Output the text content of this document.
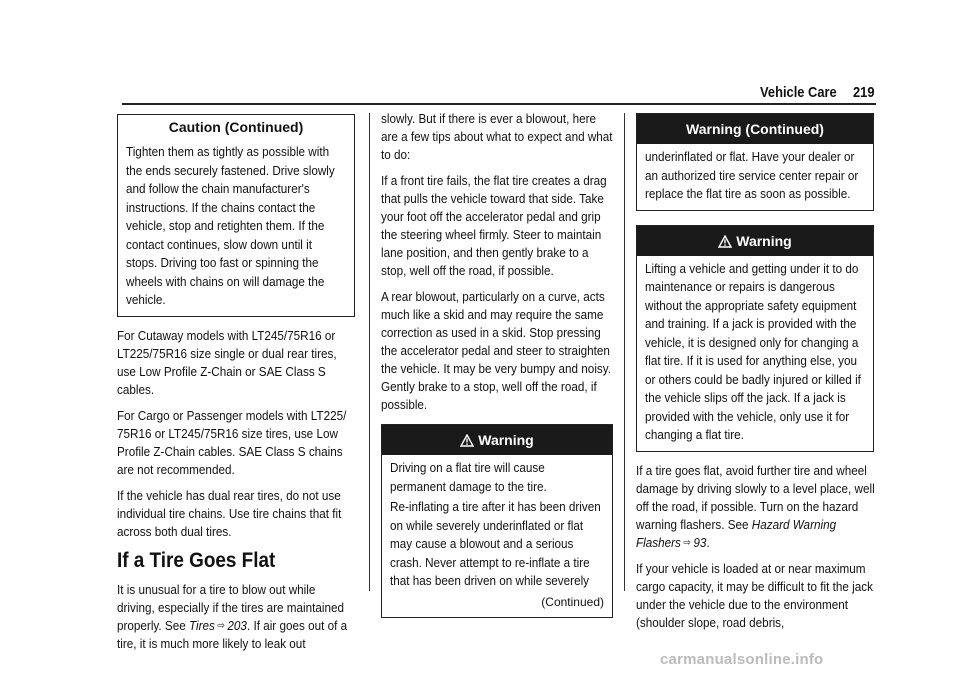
Vehicle Care 219
Caution (Continued)
Tighten them as tightly as possible with the ends securely fastened. Drive slowly and follow the chain manufacturer's instructions. If the chains contact the vehicle, stop and retighten them. If the contact continues, slow down until it stops. Driving too fast or spinning the wheels with chains on will damage the vehicle.

For Cutaway models with LT245/75R16 or LT225/75R16 size single or dual rear tires, use Low Profile Z-Chain or SAE Class S cables.

For Cargo or Passenger models with LT225/ 75R16 or LT245/75R16 size tires, use Low Profile Z-Chain cables. SAE Class S chains are not recommended.

If the vehicle has dual rear tires, do not use individual tire chains. Use tire chains that fit across both dual tires.

If a Tire Goes Flat

It is unusual for a tire to blow out while driving, especially if the tires are maintained properly. See Tires ⇨ 203. If air goes out of a tire, it is much more likely to leak out

slowly. But if there is ever a blowout, here are a few tips about what to expect and what to do:

If a front tire fails, the flat tire creates a drag that pulls the vehicle toward that side. Take your foot off the accelerator pedal and grip the steering wheel firmly. Steer to maintain lane position, and then gently brake to a stop, well off the road, if possible.

A rear blowout, particularly on a curve, acts much like a skid and may require the same correction as used in a skid. Stop pressing the accelerator pedal and steer to straighten the vehicle. It may be very bumpy and noisy. Gently brake to a stop, well off the road, if possible.

Warning

Driving on a flat tire will cause permanent damage to the tire.

Re-inflating a tire after it has been driven on while severely underinflated or flat may cause a blowout and a serious crash. Never attempt to re-inflate a tire that has been driven on while severely

(Continued)
Warning (Continued)
underinflated or flat. Have your dealer or an authorized tire service center repair or replace the flat tire as soon as possible.
Warning
Lifting a vehicle and getting under it to do maintenance or repairs is dangerous without the appropriate safety equipment and training. If a jack is provided with the vehicle, it is designed only for changing a flat tire. If it is used for anything else, you or others could be badly injured or killed if the vehicle slips off the jack. If a jack is provided with the vehicle, only use it for changing a flat tire.

If a tire goes flat, avoid further tire and wheel damage by driving slowly to a level place, well off the road, if possible. Turn on the hazard warning flashers. See Hazard Warning Flashers ⇨ 93.

If your vehicle is loaded at or near maximum cargo capacity, it may be difficult to fit the jack under the vehicle due to the environment (shoulder slope, road debris,

carmanualsonline.info
